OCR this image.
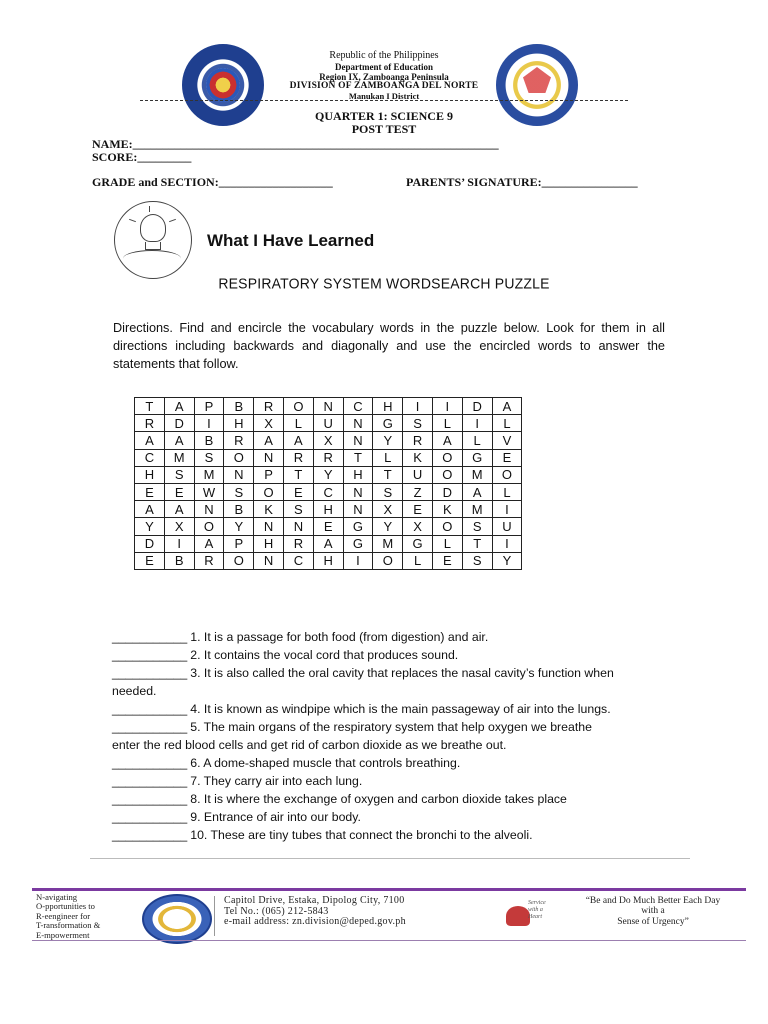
Republic of the Philippines
Department of Education
Region IX, Zamboanga Peninsula
DIVISION OF ZAMBOANGA DEL NORTE
Manukan I District
QUARTER 1: SCIENCE 9
POST TEST
NAME:_____________________________________________________________
SCORE:_________
GRADE and SECTION:___________________	PARENTS’ SIGNATURE:________________
What I Have Learned
RESPIRATORY SYSTEM WORDSEARCH PUZZLE
Directions. Find and encircle the vocabulary words in the puzzle below. Look for them in all directions including backwards and diagonally and use the encircled words to answer the statements that follow.
T	A	P	B	R	O	N	C	H	I	I	D	A
R	D	I	H	X	L	U	N	G	S	L	I	L
A	A	B	R	A	A	X	N	Y	R	A	L	V
C	M	S	O	N	R	R	T	L	K	O	G	E
H	S	M	N	P	T	Y	H	T	U	O	M	O
E	E	W	S	O	E	C	N	S	Z	D	A	L
A	A	N	B	K	S	H	N	X	E	K	M	I
Y	X	O	Y	N	N	E	G	Y	X	O	S	U
D	I	A	P	H	R	A	G	M	G	L	T	I
E	B	R	O	N	C	H	I	O	L	E	S	Y
___________ 1. It is a passage for both food (from digestion) and air.
___________ 2. It contains the vocal cord that produces sound.
___________ 3. It is also called the oral cavity that replaces the nasal cavity’s function when
needed.
___________ 4. It is known as windpipe which is the main passageway of air into the lungs.
___________ 5. The main organs of the respiratory system that help oxygen we breathe
enter the red blood cells and get rid of carbon dioxide as we breathe out.
___________ 6. A dome-shaped muscle that controls breathing.
___________ 7. They carry air into each lung.
___________ 8. It is where the exchange of oxygen and carbon dioxide takes place
___________ 9. Entrance of air into our body.
___________ 10. These are tiny tubes that connect the bronchi to the alveoli.
N-avigating
O-pportunities to
R-eengineer for
T-ransformation &
E-mpowerment
Capitol Drive, Estaka, Dipolog City, 7100
Tel No.: (065) 212-5843
e-mail address: zn.division@deped.gov.ph
Service with a Heart
“Be and Do Much Better Each Day
with a
Sense of Urgency”
